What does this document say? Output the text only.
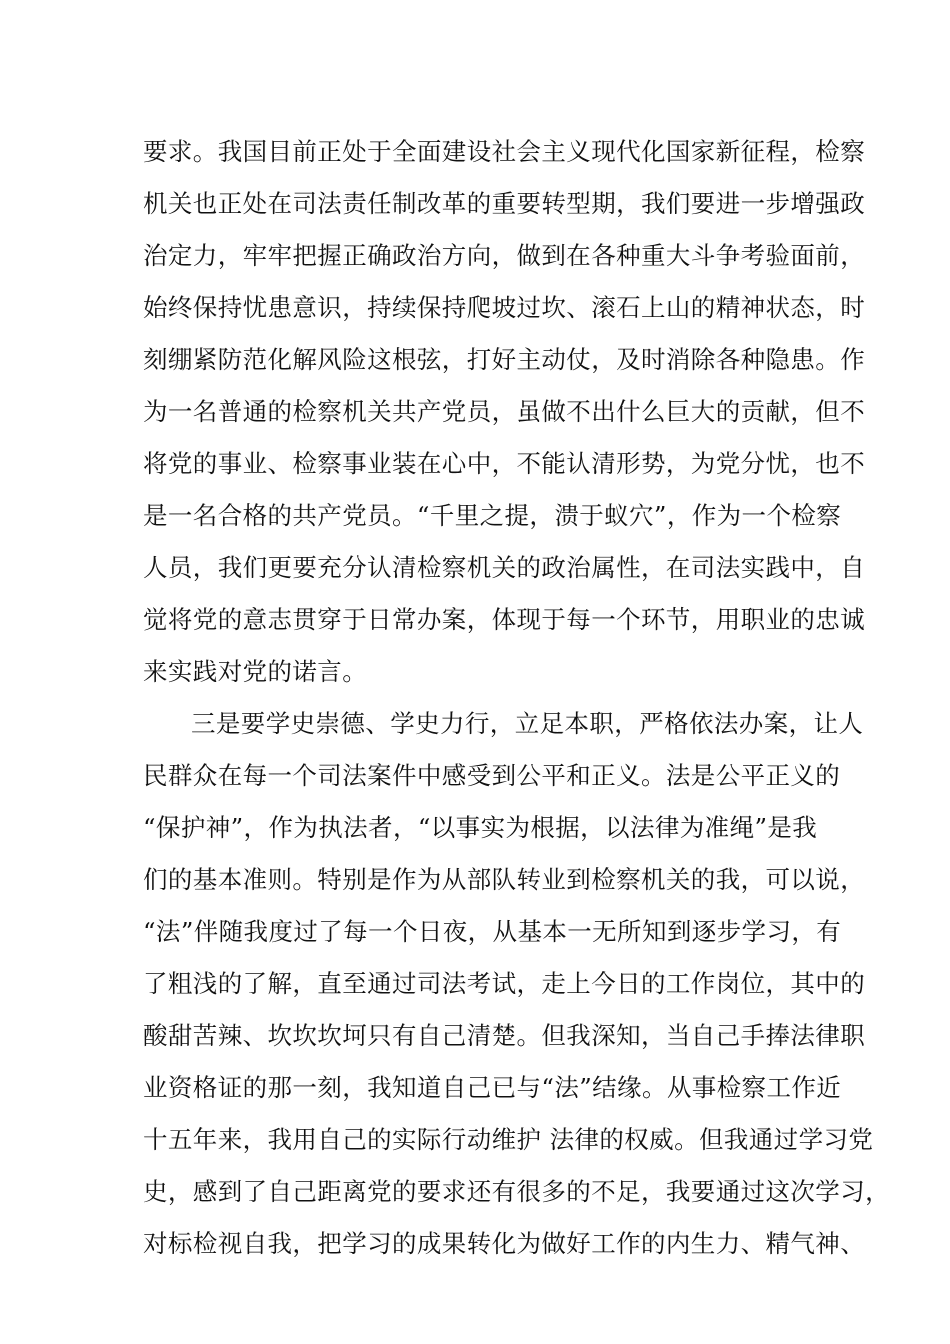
要求。我国目前正处于全面建设社会主义现代化国家新征程，检察
机关也正处在司法责任制改革的重要转型期，我们要进一步增强政
治定力，牢牢把握正确政治方向，做到在各种重大斗争考验面前，
始终保持忧患意识，持续保持爬坡过坎、滚石上山的精神状态，时
刻绷紧防范化解风险这根弦，打好主动仗，及时消除各种隐患。作
为一名普通的检察机关共产党员，虽做不出什么巨大的贡献，但不
将党的事业、检察事业装在心中，不能认清形势，为党分忧，也不
是一名合格的共产党员。“千里之提，溃于蚁穴”，作为一个检察
人员，我们更要充分认清检察机关的政治属性，在司法实践中，自
觉将党的意志贯穿于日常办案，体现于每一个环节，用职业的忠诚
来实践对党的诺言。
三是要学史崇德、学史力行，立足本职，严格依法办案，让人
民群众在每一个司法案件中感受到公平和正义。法是公平正义的
“保护神”，作为执法者，“以事实为根据，以法律为准绳”是我
们的基本准则。特别是作为从部队转业到检察机关的我，可以说，
“法”伴随我度过了每一个日夜，从基本一无所知到逐步学习，有
了粗浅的了解，直至通过司法考试，走上今日的工作岗位，其中的
酸甜苦辣、坎坎坎坷只有自己清楚。但我深知，当自己手捧法律职
业资格证的那一刻，我知道自己已与“法”结缘。从事检察工作近
十五年来，我用自己的实际行动维护 法律的权威。但我通过学习党
史，感到了自己距离党的要求还有很多的不足，我要通过这次学习，
对标检视自我，把学习的成果转化为做好工作的内生力、精气神、
